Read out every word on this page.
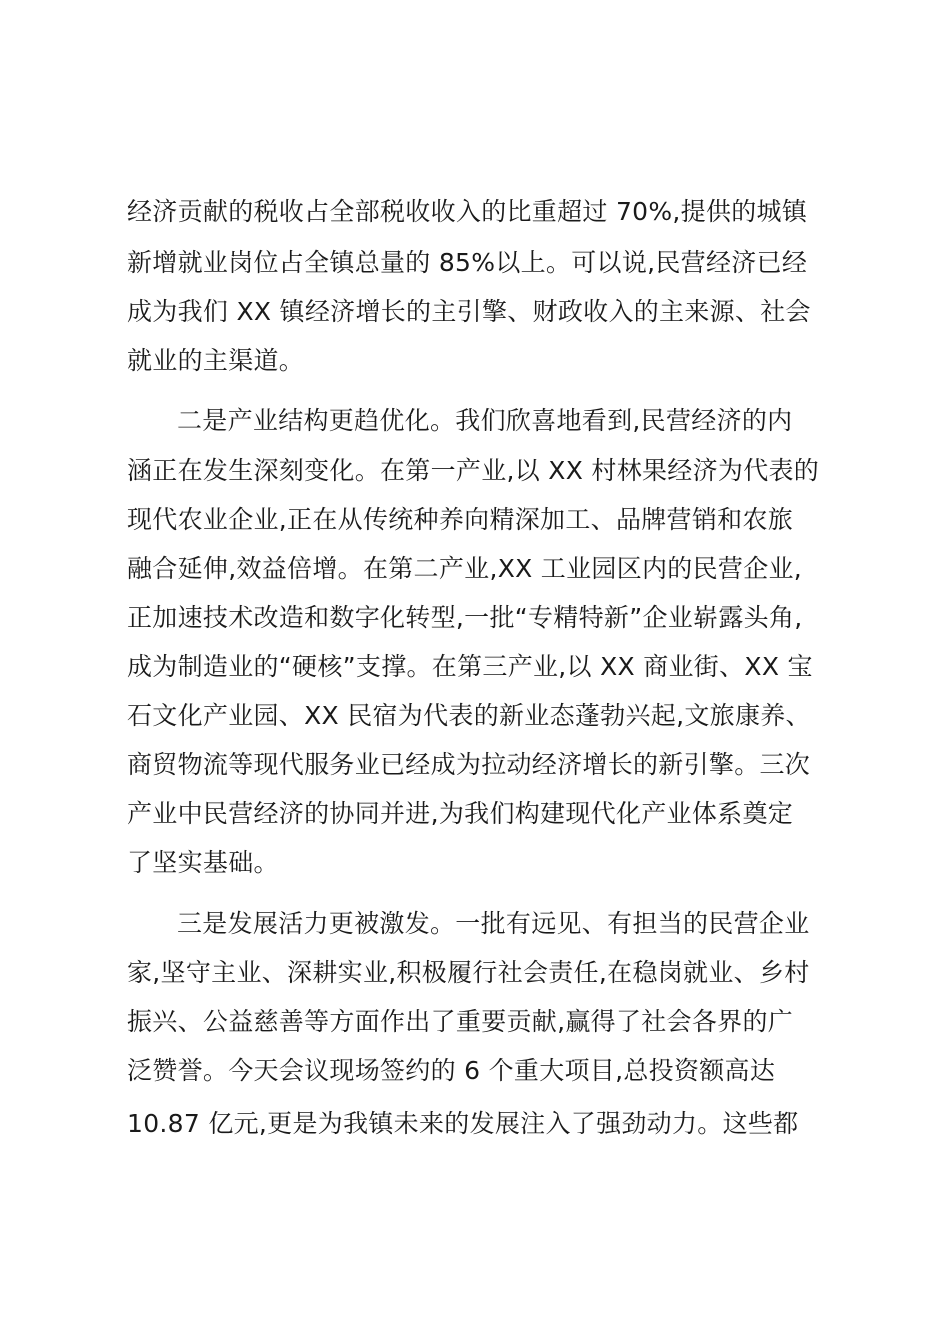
经济贡献的税收占全部税收收入的比重超过 70%,提供的城镇
新增就业岗位占全镇总量的 85%以上。可以说,民营经济已经
成为我们 XX 镇经济增长的主引擎、财政收入的主来源、社会
就业的主渠道。
二是产业结构更趋优化。我们欣喜地看到,民营经济的内
涵正在发生深刻变化。在第一产业,以 XX 村林果经济为代表的
现代农业企业,正在从传统种养向精深加工、品牌营销和农旅
融合延伸,效益倍增。在第二产业,XX 工业园区内的民营企业,
正加速技术改造和数字化转型,一批“专精特新”企业崭露头角,
成为制造业的“硬核”支撑。在第三产业,以 XX 商业街、XX 宝
石文化产业园、XX 民宿为代表的新业态蓬勃兴起,文旅康养、
商贸物流等现代服务业已经成为拉动经济增长的新引擎。三次
产业中民营经济的协同并进,为我们构建现代化产业体系奠定
了坚实基础。
三是发展活力更被激发。一批有远见、有担当的民营企业
家,坚守主业、深耕实业,积极履行社会责任,在稳岗就业、乡村
振兴、公益慈善等方面作出了重要贡献,赢得了社会各界的广
泛赞誉。今天会议现场签约的 6 个重大项目,总投资额高达
10.87 亿元,更是为我镇未来的发展注入了强劲动力。这些都
